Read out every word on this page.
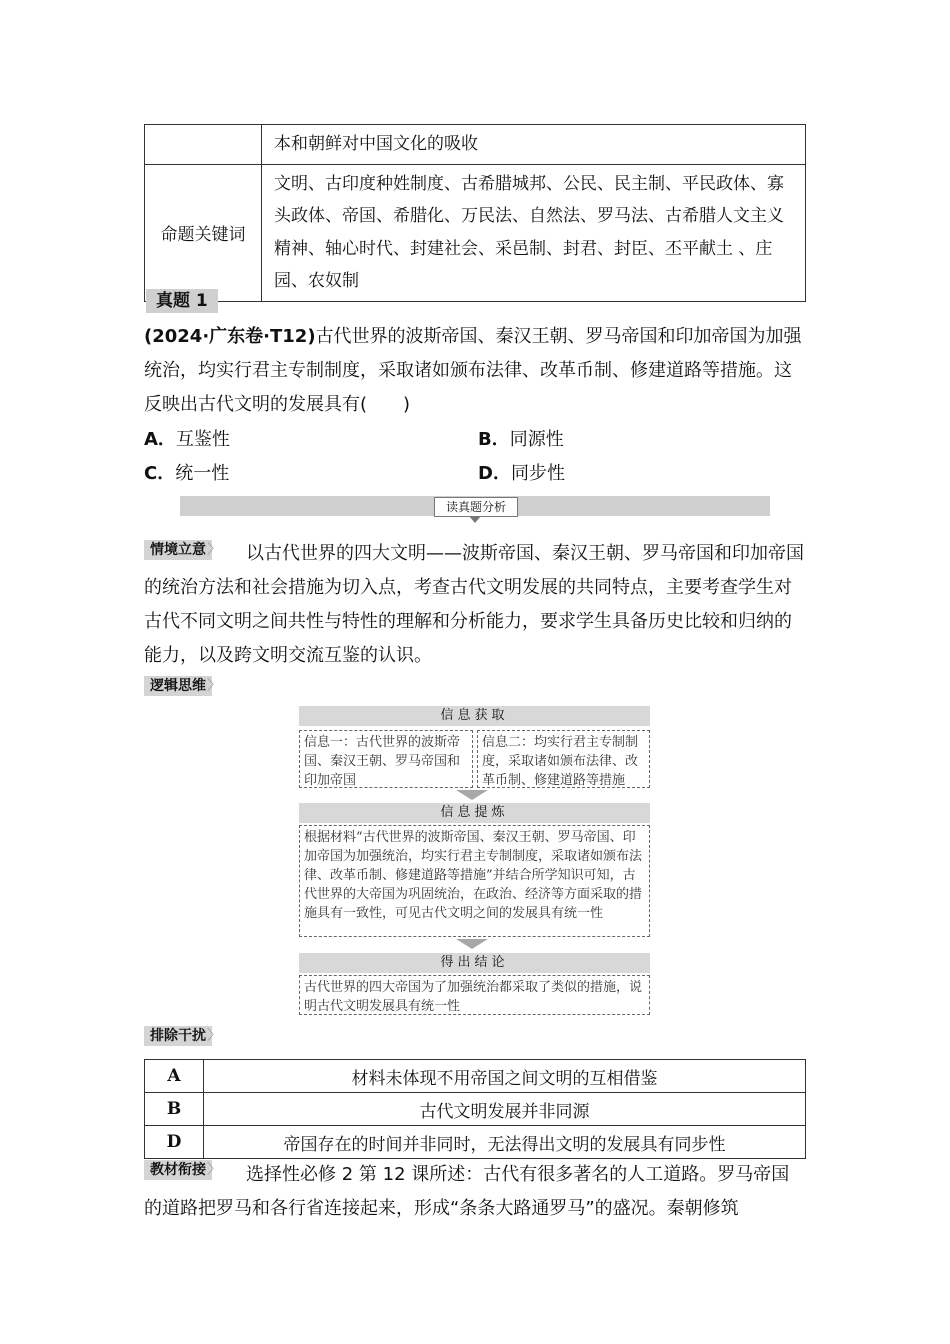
	本和朝鲜对中国文化的吸收
命题关键词	文明、古印度种姓制度、古希腊城邦、公民、民主制、平民政体、寡头政体、帝国、希腊化、万民法、自然法、罗马法、古希腊人文主义精神、轴心时代、封建社会、采邑制、封君、封臣、丕平献土 、庄园、农奴制
真题 1
(2024·广东卷·T12)古代世界的波斯帝国、秦汉王朝、罗马帝国和印加帝国为加强统治，均实行君主专制制度，采取诸如颁布法律、改革币制、修建道路等措施。这反映出古代文明的发展具有(　　)
A．互鉴性	B．同源性
C．统一性	D．同步性
读真题分析
情境立意 〉	以古代世界的四大文明——波斯帝国、秦汉王朝、罗马帝国和印加帝国的统治方法和社会措施为切入点，考查古代文明发展的共同特点，主要考查学生对古代不同文明之间共性与特性的理解和分析能力，要求学生具备历史比较和归纳的能力，以及跨文明交流互鉴的认识。
逻辑思维 〉
信息获取
信息一：古代世界的波斯帝国、秦汉王朝、罗马帝国和印加帝国
信息二：均实行君主专制制度，采取诸如颁布法律、改革币制、修建道路等措施
信息提炼
根据材料“古代世界的波斯帝国、秦汉王朝、罗马帝国、印加帝国为加强统治，均实行君主专制制度，采取诸如颁布法律、改革币制、修建道路等措施”并结合所学知识可知，古代世界的大帝国为巩固统治，在政治、经济等方面采取的措施具有一致性，可见古代文明之间的发展具有统一性
得出结论
古代世界的四大帝国为了加强统治都采取了类似的措施，说明古代文明发展具有统一性
排除干扰 〉
A	材料未体现不用帝国之间文明的互相借鉴
B	古代文明发展并非同源
D	帝国存在的时间并非同时，无法得出文明的发展具有同步性
教材衔接 〉	选择性必修 2 第 12 课所述：古代有很多著名的人工道路。罗马帝国的道路把罗马和各行省连接起来，形成“条条大路通罗马”的盛况。秦朝修筑
